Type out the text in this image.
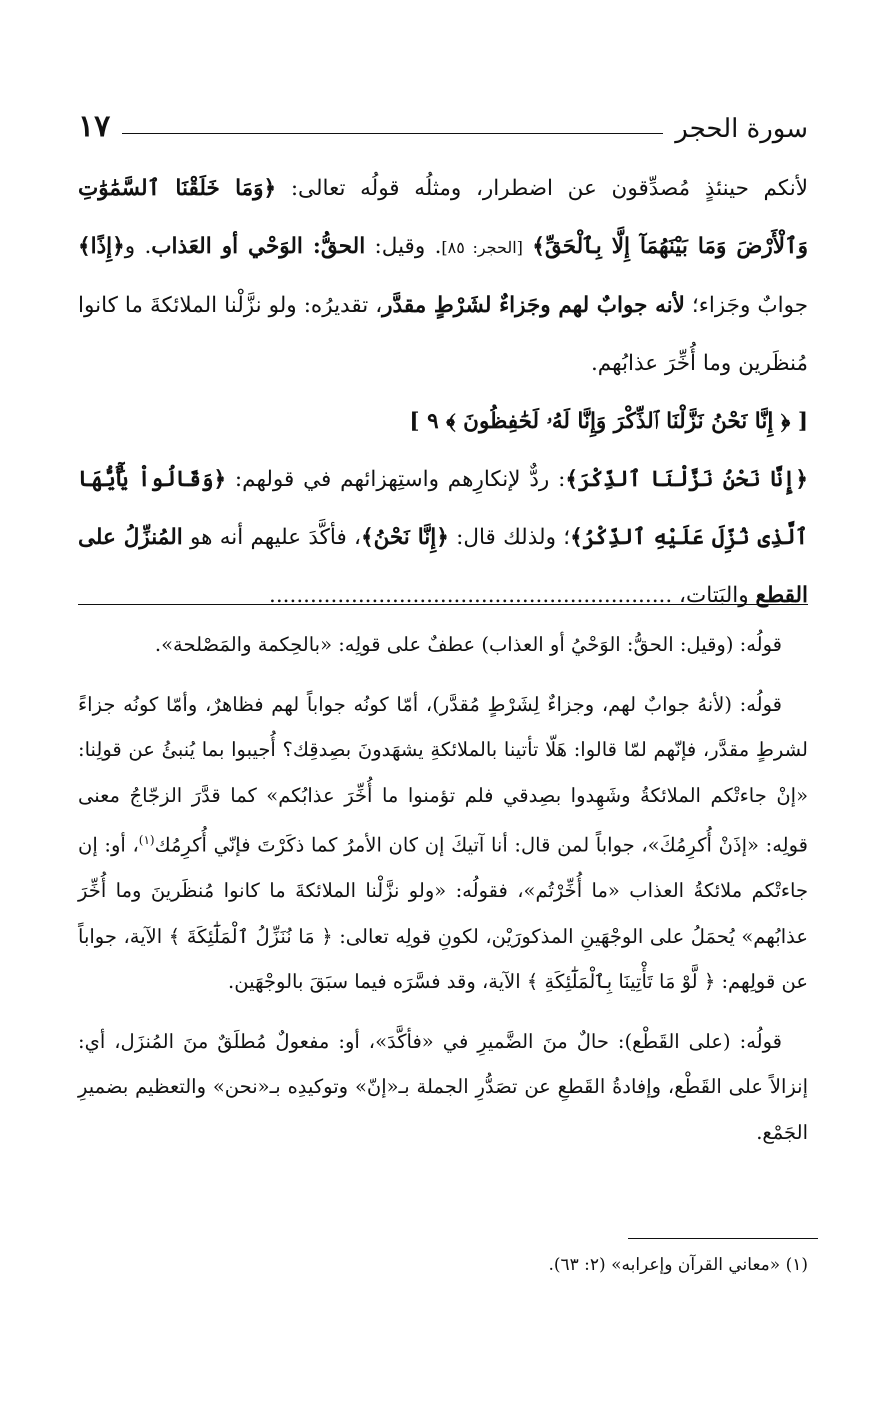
سورة الحجر
١٧

لأنكم حينئذٍ مُصدِّقون عن اضطرار، ومثلُه قولُه تعالى: ﴿وَمَا خَلَقْنَا ٱلسَّمَٰوَٰتِ وَٱلْأَرْضَ وَمَا بَيْنَهُمَآ إِلَّا بِٱلْحَقِّ﴾ [الحجر: ٨٥]. وقيل: الحقُّ: الوَحْي أو العَذاب. و﴿إِذًا﴾ جوابٌ وجَزاء؛ لأنه جوابٌ لهم وجَزاءٌ لشَرْطٍ مقدَّر، تقديرُه: ولو نزَّلْنا الملائكةَ ما كانوا مُنظَرين وما أُخِّرَ عذابُهم.

[ ﴿ إِنَّا نَحْنُ نَزَّلْنَا ٱلذِّكْرَ وَإِنَّا لَهُۥ لَحَٰفِظُونَ ﴾ ٩ ]

﴿إِنَّا نَحْنُ نَزَّلْنَا ٱلذِّكْرَ﴾: ردٌّ لإنكارِهم واستِهزائهم في قولهم: ﴿وَقَالُواْ يَٰٓأَيُّهَا ٱلَّذِى نُزِّلَ عَلَيْهِ ٱلذِّكْرُ﴾؛ ولذلك قال: ﴿إِنَّا نَحْنُ﴾، فأكَّدَ عليهم أنه هو المُنزِّلُ على القطع والبَتات، ...........................................................

قولُه: (وقيل: الحقُّ: الوَحْيُ أو العذاب) عطفٌ على قولِه: «بالحِكمة والمَصْلحة».

قولُه: (لأنهُ جوابٌ لهم، وجزاءٌ لِشَرْطٍ مُقدَّر)، أمّا كونُه جواباً لهم فظاهرٌ، وأمّا كونُه جزاءً لشرطٍ مقدَّر، فإنّهم لمّا قالوا: هَلّا تأتينا بالملائكةِ يشهَدونَ بصِدقِك؟ أُجيبوا بما يُنبئُ عن قولِنا: «إنْ جاءتْكم الملائكةُ وشَهِدوا بصِدقي فلم تؤمنوا ما أُخِّرَ عذابُكم» كما قدَّرَ الزجّاجُ معنى قولِه: «إذَنْ أُكرِمُكَ»، جواباً لمن قال: أنا آتيكَ إن كان الأمرُ كما ذكَرْتَ فإنّي أُكرِمُك$^{(١)}$، أو: إن جاءتْكم ملائكةُ العذاب «ما أُخِّرْتُم»، فقولُه: «ولو نزَّلْنا الملائكةَ ما كانوا مُنظَرينَ وما أُخِّرَ عذابُهم» يُحمَلُ على الوجْهَينِ المذكورَيْن، لكونِ قولِه تعالى: ﴿ مَا نُنَزِّلُ ٱلْمَلَٰٓئِكَةَ ﴾ الآية، جواباً عن قولِهم: ﴿ لَّوْ مَا تَأْتِينَا بِٱلْمَلَٰٓئِكَةِ ﴾ الآية، وقد فسَّرَه فيما سبَقَ بالوجْهَين.

قولُه: (على القَطْع): حالٌ منَ الضَّميرِ في «فأكَّدَ»، أو: مفعولٌ مُطلَقٌ منَ المُنزَل، أي: إنزالاً على القَطْع، وإفادةُ القَطعِ عن تصَدُّرِ الجملة بـ«إنّ» وتوكيدِه بـ«نحن» والتعظيم بضميرِ الجَمْع.

(١) «معاني القرآن وإعرابه» (٢: ٦٣).
